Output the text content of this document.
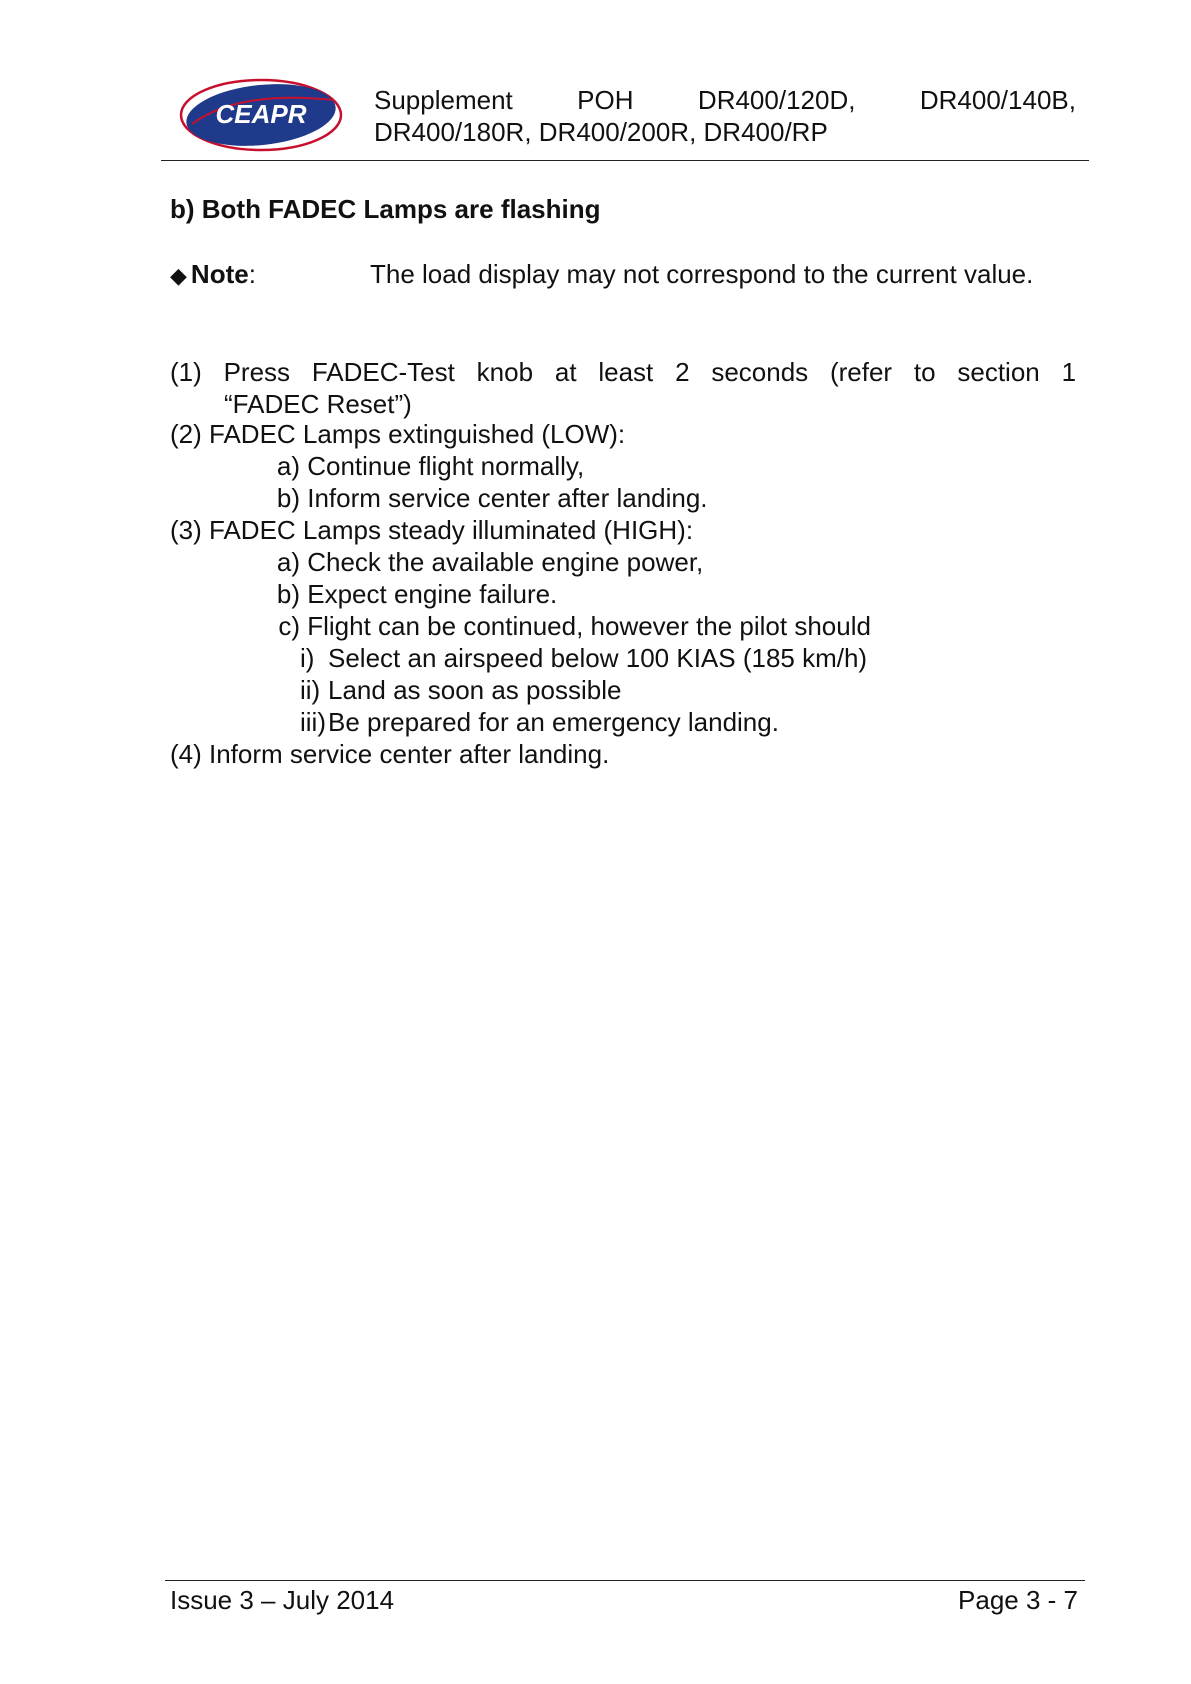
CEAPR	Supplement POH DR400/120D, DR400/140B,
DR400/180R, DR400/200R, DR400/RP
b) Both FADEC Lamps are flashing
◆ Note:	The load display may not correspond to the current value.
(1) Press FADEC-Test knob at least 2 seconds (refer to section 1
“FADEC Reset”)
(2) FADEC Lamps extinguished (LOW):
a) Continue flight normally,
b) Inform service center after landing.
(3) FADEC Lamps steady illuminated (HIGH):
a) Check the available engine power,
b) Expect engine failure.
c) Flight can be continued, however the pilot should
i) Select an airspeed below 100 KIAS (185 km/h)
ii) Land as soon as possible
iii)Be prepared for an emergency landing.
(4) Inform service center after landing.
Issue 3 – July 2014	Page 3 - 7
